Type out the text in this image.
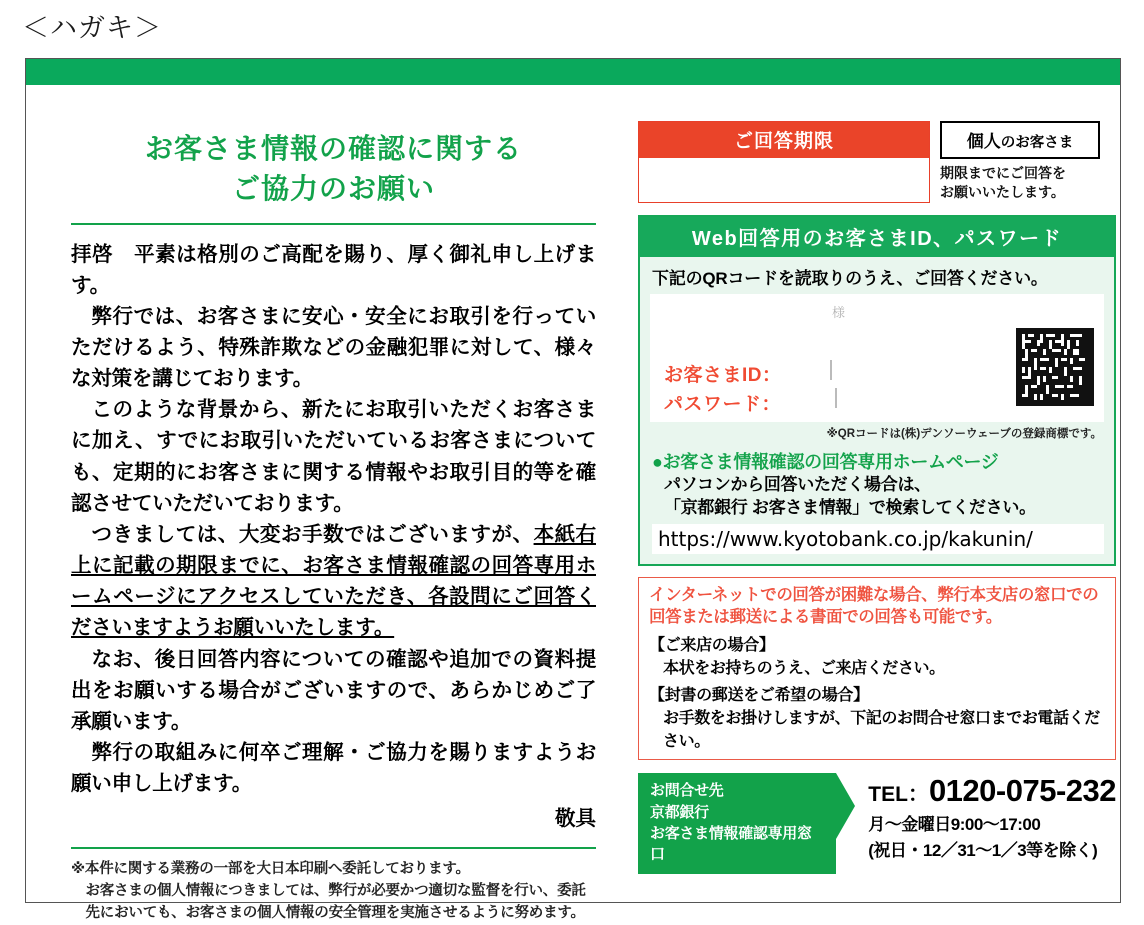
＜ハガキ＞
お客さま情報の確認に関する
ご協力のお願い

拝啓　平素は格別のご高配を賜り、厚く御礼申し上げます。

弊行では、お客さまに安心・安全にお取引を行っていただけるよう、特殊詐欺などの金融犯罪に対して、様々な対策を講じております。

このような背景から、新たにお取引いただくお客さまに加え、すでにお取引いただいているお客さまについても、定期的にお客さまに関する情報やお取引目的等を確認させていただいております。

つきましては、大変お手数ではございますが、本紙右上に記載の期限までに、お客さま情報確認の回答専用ホームページにアクセスしていただき、各設問にご回答くださいますようお願いいたします。

なお、後日回答内容についての確認や追加での資料提出をお願いする場合がございますので、あらかじめご了承願います。

弊行の取組みに何卒ご理解・ご協力を賜りますようお願い申し上げます。

敬具

※本件に関する業務の一部を大日本印刷へ委託しております。

お客さまの個人情報につきましては、弊行が必要かつ適切な監督を行い、委託先においても、お客さまの個人情報の安全管理を実施させるように努めます。

ご回答期限	個人のお客さま
期限までにご回答を
お願いいたします。
Web回答用のお客さまID、パスワード
下記のQRコードを読取りのうえ、ご回答ください。
様
お客さまID：
パスワード：
※QRコードは(株)デンソーウェーブの登録商標です。
●お客さま情報確認の回答専用ホームページ
パソコンから回答いただく場合は、
「京都銀行 お客さま情報」で検索してください。
https://www.kyotobank.co.jp/kakunin/
インターネットでの回答が困難な場合、弊行本支店の窓口での
回答または郵送による書面での回答も可能です。
【ご来店の場合】
本状をお持ちのうえ、ご来店ください。
【封書の郵送をご希望の場合】
お手数をお掛けしますが、下記のお問合せ窓口までお電話ください。
お問合せ先
京都銀行
お客さま情報確認専用窓口
TEL：0120-075-232
月～金曜日9:00～17:00
(祝日・12／31～1／3等を除く)
